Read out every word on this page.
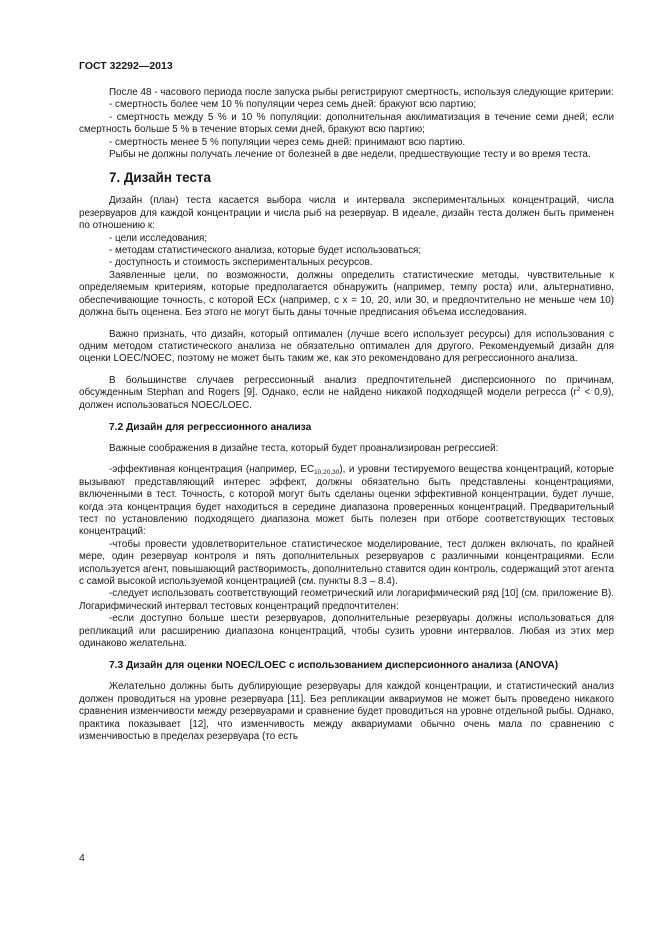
ГОСТ 32292—2013

После 48 - часового периода после запуска рыбы регистрируют смертность, используя следующие критерии:

- смертность более чем 10 % популяции через семь дней: бракуют всю партию;

- смертность между 5 % и 10 % популяции: дополнительная акклиматизация в течение семи дней; если смертность больше 5 % в течение вторых семи дней, бракуют всю партию;

- смертность менее 5 % популяции через семь дней: принимают всю партию.

Рыбы не должны получать лечение от болезней в две недели, предшествующие тесту и во время теста.

7. Дизайн теста

Дизайн (план) теста касается выбора числа и интервала экспериментальных концентраций, числа резервуаров для каждой концентрации и числа рыб на резервуар. В идеале, дизайн теста должен быть применен по отношению к:

- цели исследования;

- методам статистического анализа, которые будет использоваться;

- доступность и стоимость экспериментальных ресурсов.

Заявленные цели, по возможности, должны определить статистические методы, чувствительные к определяемым критериям, которые предполагается обнаружить (например, темпу роста) или, альтернативно, обеспечивающие точность, с которой ECx (например, с x = 10, 20, или 30, и предпочтительно не меньше чем 10) должна быть оценена. Без этого не могут быть даны точные предписания объема исследования.

Важно признать, что дизайн, который оптимален (лучше всего использует ресурсы) для использования с одним методом статистического анализа не обязательно оптимален для другого. Рекомендуемый дизайн для оценки LOEC/NOEC, поэтому не может быть таким же, как это рекомендовано для регрессионного анализа.

В большинстве случаев регрессионный анализ предпочтительней дисперсионного по причинам, обсужденным Stephan and Rogers [9]. Однако, если не найдено никакой подходящей модели регресса $(r^2 < 0,9)$, должен использоваться NOEC/LOEC.

7.2 Дизайн для регрессионного анализа

Важные соображения в дизайне теста, который будет проанализирован регрессией:

-эффективная концентрация (например, $EC_{10,20,30}$), и уровни тестируемого вещества концентраций, которые вызывают представляющий интерес эффект, должны обязательно быть представлены концентрациями, включенными в тест. Точность, с которой могут быть сделаны оценки эффективной концентрации, будет лучше, когда эта концентрация будет находиться в середине диапазона проверенных концентраций. Предварительный тест по установлению подходящего диапазона может быть полезен при отборе соответствующих тестовых концентраций:

-чтобы провести удовлетворительное статистическое моделирование, тест должен включать, по крайней мере, один резервуар контроля и пять дополнительных резервуаров с различными концентрациями. Если используется агент, повышающий растворимость, дополнительно ставится один контроль, содержащий этот агента с самой высокой используемой концентрацией (см. пункты 8.3 – 8.4).

-следует использовать соответствующий геометрический или логарифмический ряд [10] (см. приложение В). Логарифмический интервал тестовых концентраций предпочтителен:

-если доступно больше шести резервуаров, дополнительные резервуары должны использоваться для репликаций или расширению диапазона концентраций, чтобы сузить уровни интервалов. Любая из этих мер одинаково желательна.

7.3 Дизайн для оценки NOEC/LOEC с использованием дисперсионного анализа (ANOVA)

Желательно должны быть дублирующие резервуары для каждой концентрации, и статистический анализ должен проводиться на уровне резервуара [11]. Без репликации аквариумов не может быть проведено никакого сравнения изменчивости между резервуарами и сравнение будет проводиться на уровне отдельной рыбы. Однако, практика показывает [12], что изменчивость между аквариумами обычно очень мала по сравнению с изменчивостью в пределах резервуара (то есть

4
